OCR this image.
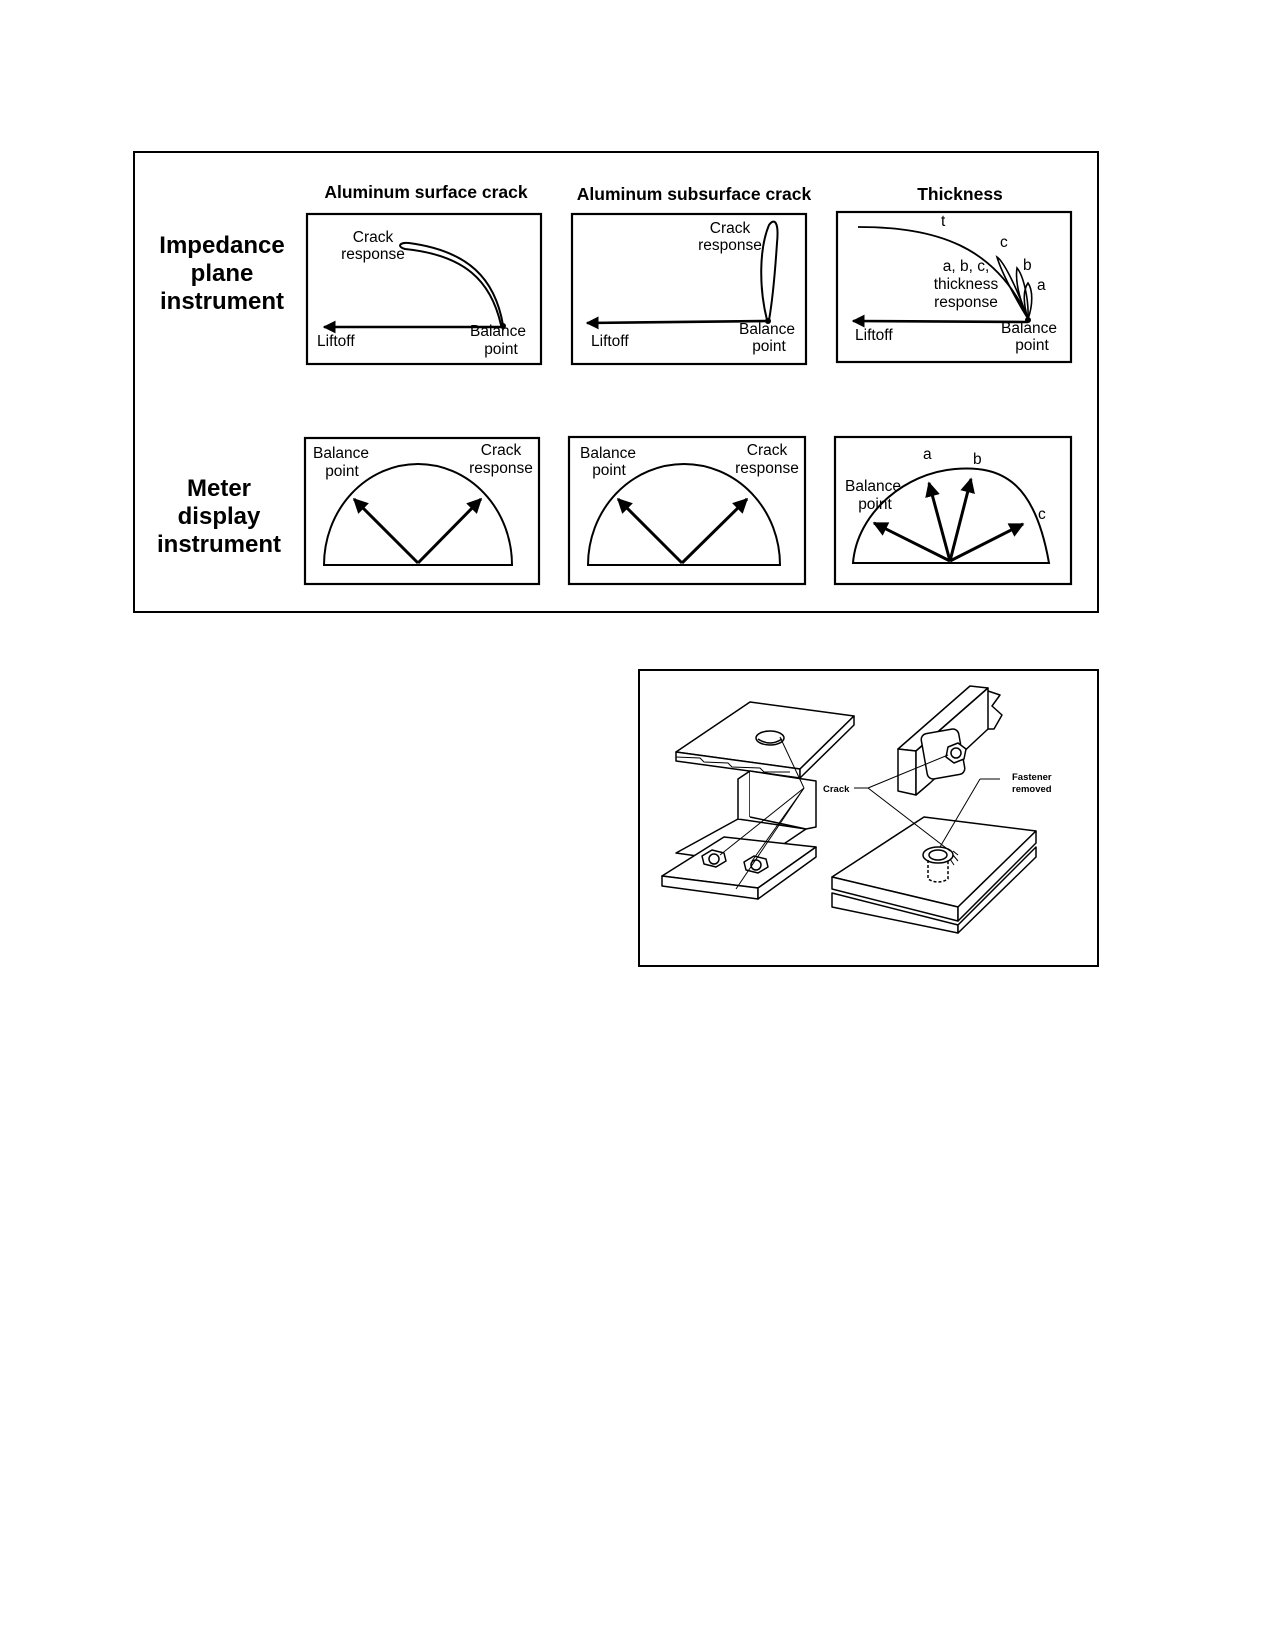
Impedance
plane
instrument
Meter
display
instrument
Aluminum surface crack	Aluminum subsurface crack	Thickness
Crack
response
Liftoff
Balance
point
Crack
response
Liftoff
Balance
point
t
c
b
a
a, b, c,
thickness
response
Liftoff	Balance
point
Balance
point
Crack
response
Balance
point
Crack
response
a	b
c
Balance
point
Crack
Fastener
removed
